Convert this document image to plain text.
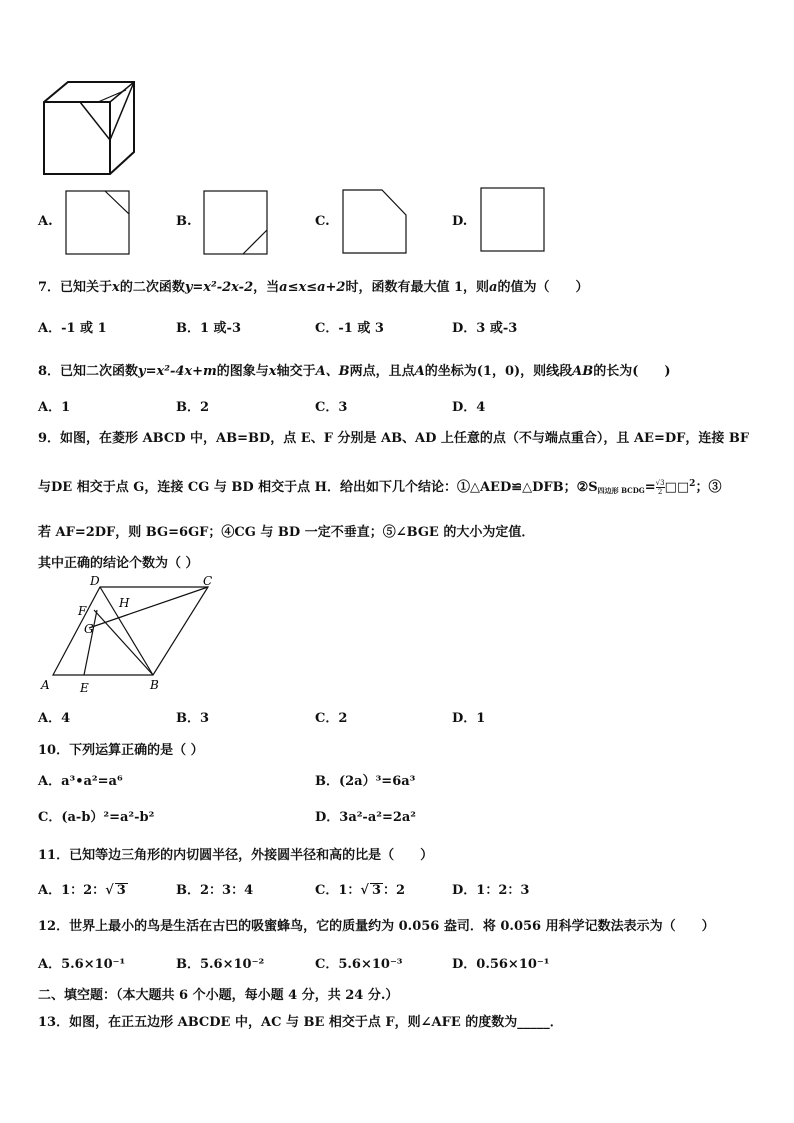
A.	B.	C.	D.
7．已知关于x的二次函数y=x²-2x-2，当a≤x≤a+2时，函数有最大值 1，则a的值为（　　）
A．-1 或 1	B．1 或-3	C．-1 或 3	D．3 或-3
8．已知二次函数y=x²-4x+m的图象与x轴交于A、B两点，且点A的坐标为(1，0)，则线段AB的长为(　　)
A．1	B．2	C．3	D．4
9．如图，在菱形 ABCD 中，AB=BD，点 E、F 分别是 AB、AD 上任意的点（不与端点重合），且 AE=DF，连接 BF
与DE 相交于点 G，连接 CG 与 BD 相交于点 H．给出如下几个结论：①△AED≌△DFB；$②S_{四边形 BCDG}= \frac{√3}{2}$ □□$^2$；③
若 AF=2DF，则 BG=6GF；④CG 与 BD 一定不垂直；⑤∠BGE 的大小为定值．
其中正确的结论个数为（ ）
D	C
F
H
G
A	E	B
A．4	B．3	C．2	D．1
10．下列运算正确的是（ ）
A．a³•a²=a⁶	B．(2a）³=6a³
C．(a-b）²=a²-b²	D．3a²-a²=2a²
11．已知等边三角形的内切圆半径，外接圆半径和高的比是（　　）
A．1：2：√ 3	B．2：3：4	C．1：√ 3 ：2	D．1：2：3
12．世界上最小的鸟是生活在古巴的吸蜜蜂鸟，它的质量约为 0.056 盎司．将 0.056 用科学记数法表示为（　　）
A．5.6×10⁻¹	B．5.6×10⁻²	C．5.6×10⁻³	D．0.56×10⁻¹
二、填空题：（本大题共 6 个小题，每小题 4 分，共 24 分.）
13．如图，在正五边形 ABCDE 中，AC 与 BE 相交于点 F，则∠AFE 的度数为_____．
